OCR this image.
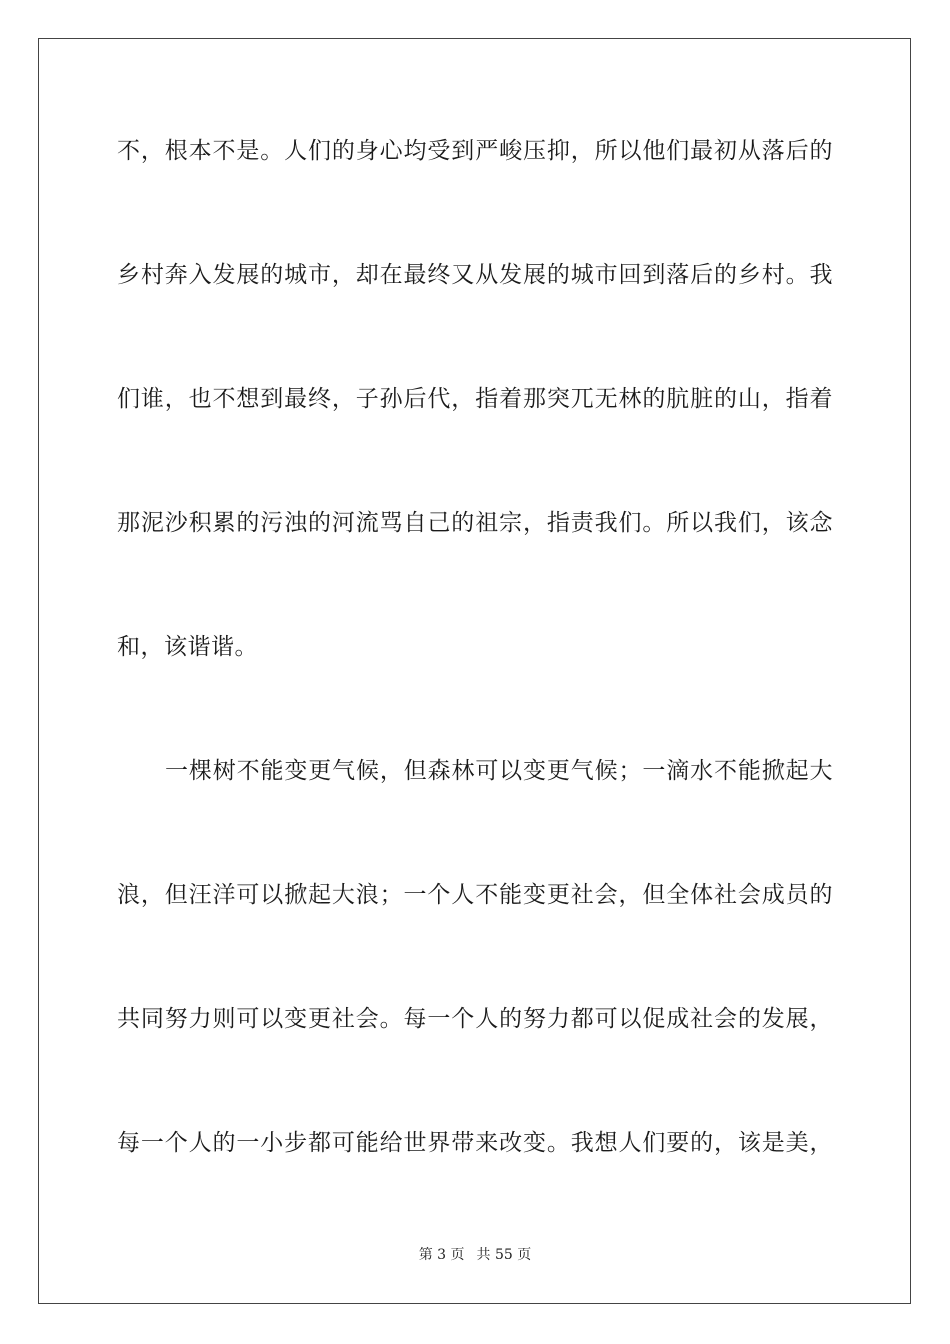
不，根本不是。人们的身心均受到严峻压抑，所以他们最初从落后的
乡村奔入发展的城市，却在最终又从发展的城市回到落后的乡村。我
们谁，也不想到最终，子孙后代，指着那突兀无林的肮脏的山，指着
那泥沙积累的污浊的河流骂自己的祖宗，指责我们。所以我们，该念
和，该谐谐。
一棵树不能变更气候，但森林可以变更气候；一滴水不能掀起大
浪，但汪洋可以掀起大浪；一个人不能变更社会，但全体社会成员的
共同努力则可以变更社会。每一个人的努力都可以促成社会的发展，
每一个人的一小步都可能给世界带来改变。我想人们要的，该是美，
第 3 页 共 55 页
